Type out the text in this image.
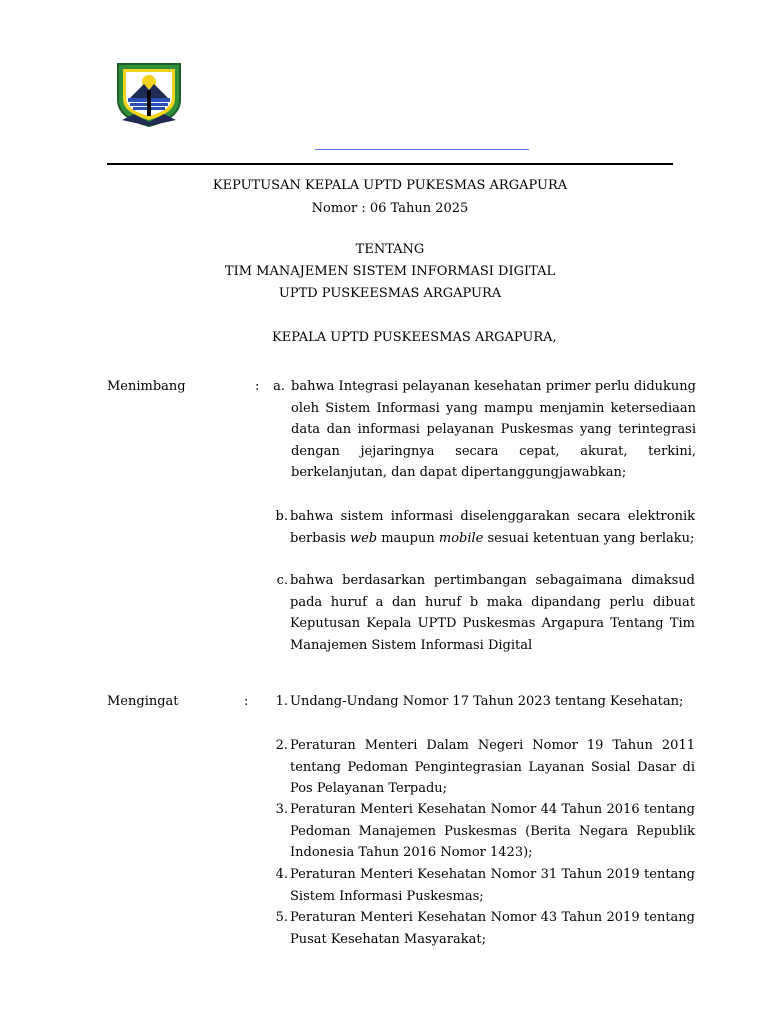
KEPUTUSAN KEPALA UPTD PUKESMAS ARGAPURA
Nomor : 06 Tahun 2025
TENTANG
TIM MANAJEMEN SISTEM INFORMASI DIGITAL
UPTD PUSKEESMAS ARGAPURA
KEPALA UPTD PUSKEESMAS ARGAPURA,
Menimbang	:	a. bahwa Integrasi pelayanan kesehatan primer perlu didukung oleh Sistem Informasi yang mampu menjamin ketersediaan data dan informasi pelayanan Puskesmas yang terintegrasi dengan jejaringnya secara cepat, akurat, terkini, berkelanjutan, dan dapat dipertanggungjawabkan;
b. bahwa sistem informasi diselenggarakan secara elektronik berbasis web maupun mobile sesuai ketentuan yang berlaku;
c. bahwa berdasarkan pertimbangan sebagaimana dimaksud pada huruf a dan huruf b maka dipandang perlu dibuat Keputusan Kepala UPTD Puskesmas Argapura Tentang Tim Manajemen Sistem Informasi Digital
Mengingat	:	1. Undang-Undang Nomor 17 Tahun 2023 tentang Kesehatan;
2. Peraturan Menteri Dalam Negeri Nomor 19 Tahun 2011 tentang Pedoman Pengintegrasian Layanan Sosial Dasar di Pos Pelayanan Terpadu;
3. Peraturan Menteri Kesehatan Nomor 44 Tahun 2016 tentang Pedoman Manajemen Puskesmas (Berita Negara Republik Indonesia Tahun 2016 Nomor 1423);
4. Peraturan Menteri Kesehatan Nomor 31 Tahun 2019 tentang Sistem Informasi Puskesmas;
5. Peraturan Menteri Kesehatan Nomor 43 Tahun 2019 tentang Pusat Kesehatan Masyarakat;
